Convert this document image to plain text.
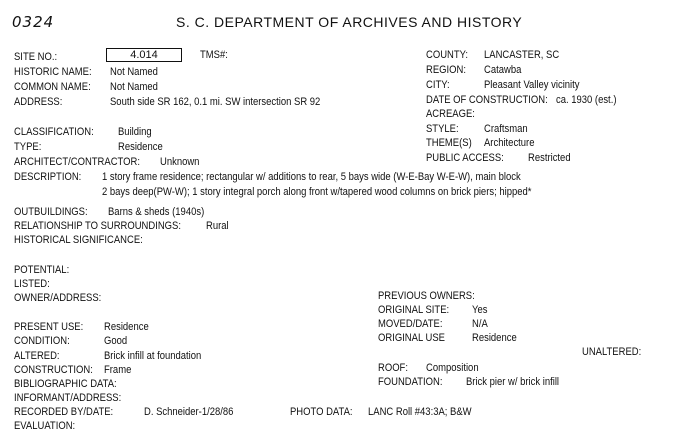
0324	S. C. DEPARTMENT OF ARCHIVES AND HISTORY
SITE NO.:	4.014	TMS#:
HISTORIC NAME: Not Named
COMMON NAME: Not Named
ADDRESS:	South side SR 162, 0.1 mi. SW intersection SR 92
CLASSIFICATION: Building
TYPE:	Residence
ARCHITECT/CONTRACTOR: Unknown
DESCRIPTION: 1 story frame residence; rectangular w/ additions to rear, 5 bays wide (W-E-Bay W-E-W), main block
2 bays deep(PW-W); 1 story integral porch along front w/tapered wood columns on brick piers; hipped*
OUTBUILDINGS: Barns & sheds (1940s)
RELATIONSHIP TO SURROUNDINGS: Rural
HISTORICAL SIGNIFICANCE:
POTENTIAL:
LISTED:
OWNER/ADDRESS:
PRESENT USE: Residence
CONDITION:	Good
ALTERED:	Brick infill at foundation
CONSTRUCTION: Frame
BIBLIOGRAPHIC DATA:
INFORMANT/ADDRESS:
RECORDED BY/DATE:	D. Schneider-1/28/86	PHOTO DATA: LANC Roll #43:3A; B&W
EVALUATION:
COUNTY: LANCASTER, SC
REGION: Catawba
CITY:	Pleasant Valley vicinity
DATE OF CONSTRUCTION: ca. 1930 (est.)
ACREAGE:
STYLE: Craftsman
THEME(S) Architecture
PUBLIC ACCESS: Restricted
PREVIOUS OWNERS:
ORIGINAL SITE: Yes
MOVED/DATE:	N/A
ORIGINAL USE Residence
UNALTERED:
ROOF: Composition
FOUNDATION: Brick pier w/ brick infill
